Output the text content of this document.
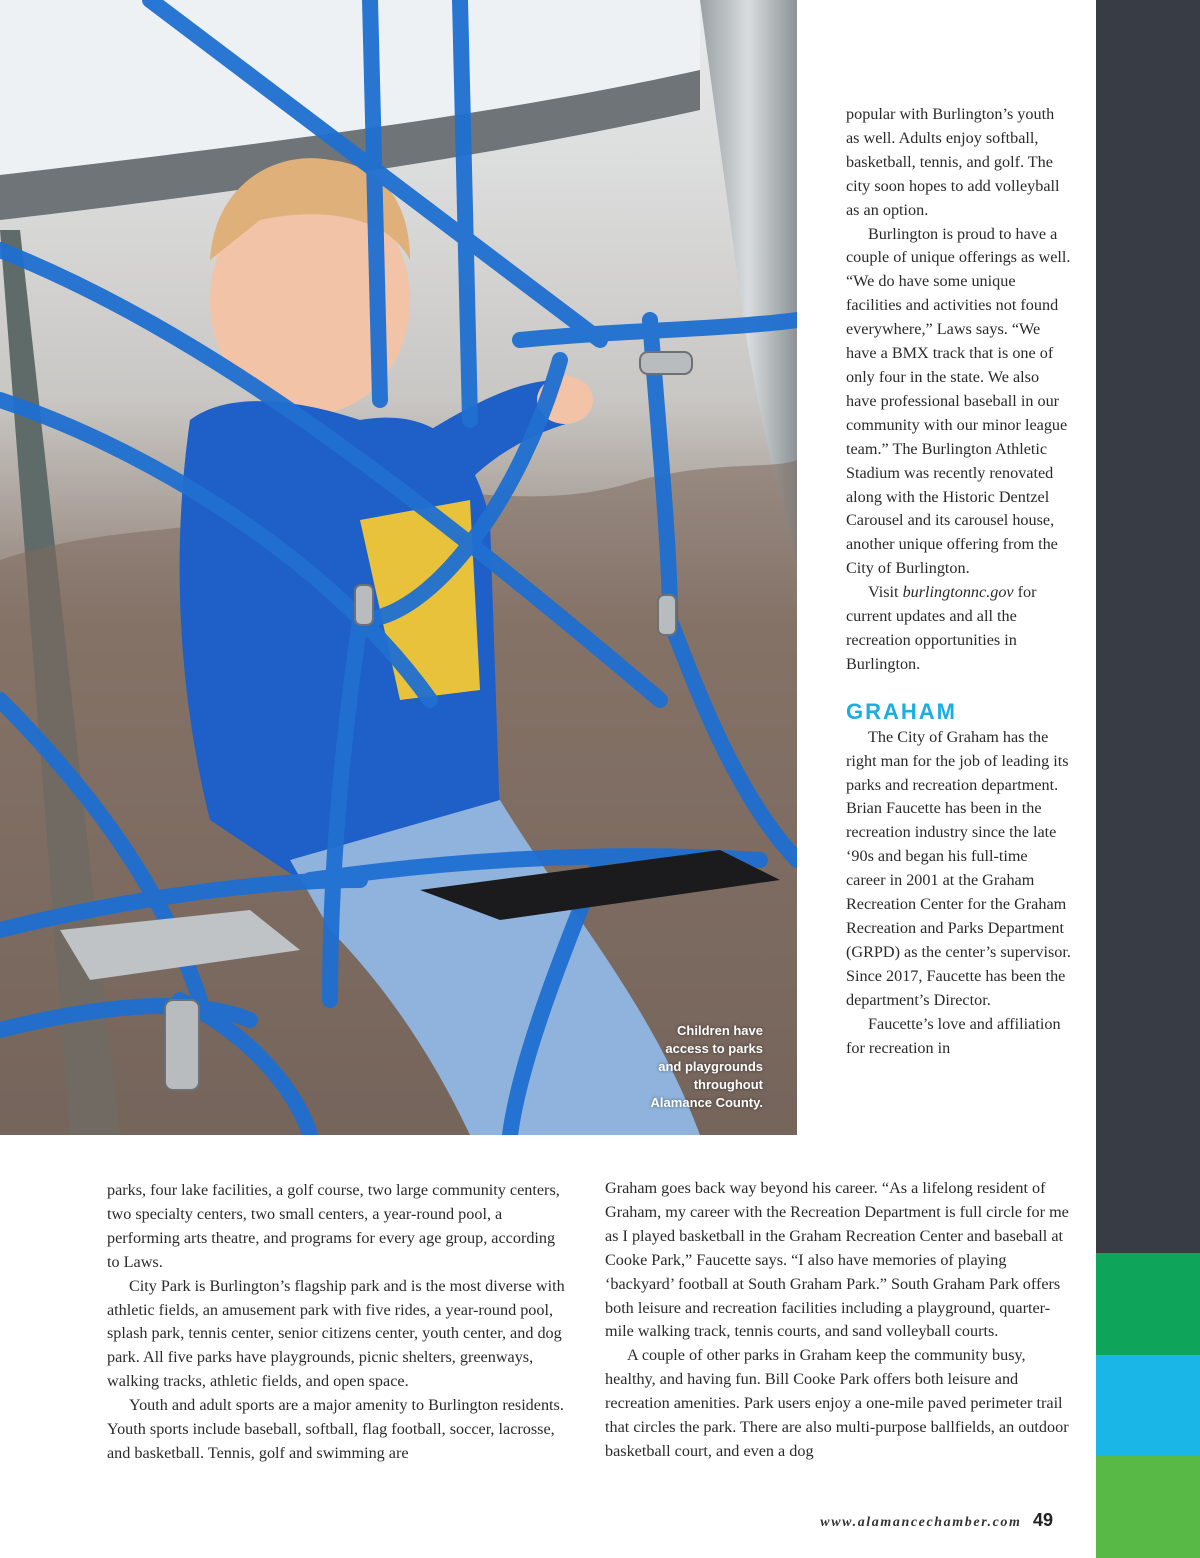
Children have
access to parks
and playgrounds
throughout
Alamance County.

popular with Burlington’s youth as well. Adults enjoy softball, basketball, tennis, and golf. The city soon hopes to add volleyball as an option.

Burlington is proud to have a couple of unique offerings as well. “We do have some unique facilities and activities not found everywhere,” Laws says. “We have a BMX track that is one of only four in the state. We also have professional baseball in our community with our minor league team.” The Burlington Athletic Stadium was recently renovated along with the Historic Dentzel Carousel and its carousel house, another unique offering from the City of Burlington.

Visit burlingtonnc.gov for current updates and all the recreation opportunities in Burlington.

GRAHAM

The City of Graham has the right man for the job of leading its parks and recreation department. Brian Faucette has been in the recreation industry since the late ‘90s and began his full-time career in 2001 at the Graham Recreation Center for the Graham Recreation and Parks Department (GRPD) as the center’s supervisor. Since 2017, Faucette has been the department’s Director.

Faucette’s love and affiliation for recreation in

parks, four lake facilities, a golf course, two large community centers, two specialty centers, two small centers, a year-round pool, a performing arts theatre, and programs for every age group, according to Laws.

City Park is Burlington’s flagship park and is the most diverse with athletic fields, an amusement park with five rides, a year-round pool, splash park, tennis center, senior citizens center, youth center, and dog park. All five parks have playgrounds, picnic shelters, greenways, walking tracks, athletic fields, and open space.

Youth and adult sports are a major amenity to Burlington residents. Youth sports include baseball, softball, flag football, soccer, lacrosse, and basketball. Tennis, golf and swimming are

Graham goes back way beyond his career. “As a lifelong resident of Graham, my career with the Recreation Department is full circle for me as I played basketball in the Graham Recreation Center and baseball at Cooke Park,” Faucette says. “I also have memories of playing ‘backyard’ football at South Graham Park.” South Graham Park offers both leisure and recreation facilities including a playground, quarter-mile walking track, tennis courts, and sand volleyball courts.

A couple of other parks in Graham keep the community busy, healthy, and having fun. Bill Cooke Park offers both leisure and recreation amenities. Park users enjoy a one-mile paved perimeter trail that circles the park. There are also multi-purpose ballfields, an outdoor basketball court, and even a dog

www.alamancechamber.com 49
